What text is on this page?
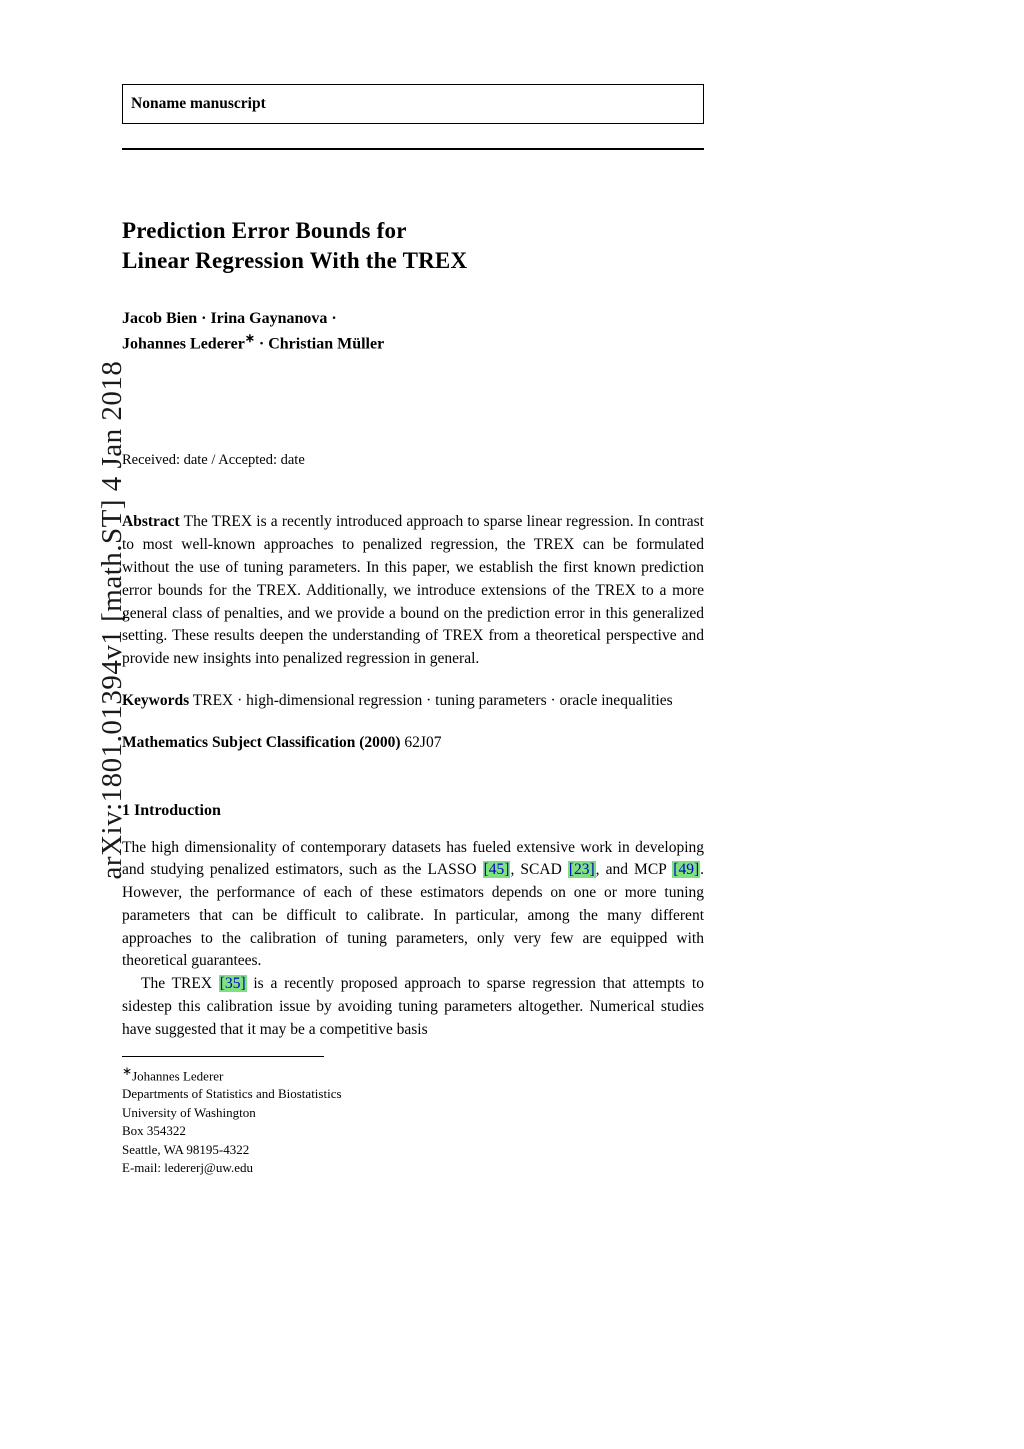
arXiv:1801.01394v1 [math.ST] 4 Jan 2018
Noname manuscript
Prediction Error Bounds for
Linear Regression With the TREX
Jacob Bien · Irina Gaynanova ·
Johannes Lederer∗ · Christian Müller
Received: date / Accepted: date
Abstract The TREX is a recently introduced approach to sparse linear regression. In contrast to most well-known approaches to penalized regression, the TREX can be formulated without the use of tuning parameters. In this paper, we establish the first known prediction error bounds for the TREX. Additionally, we introduce extensions of the TREX to a more general class of penalties, and we provide a bound on the prediction error in this generalized setting. These results deepen the understanding of TREX from a theoretical perspective and provide new insights into penalized regression in general.
Keywords TREX · high-dimensional regression · tuning parameters · oracle inequalities
Mathematics Subject Classification (2000) 62J07
1 Introduction
The high dimensionality of contemporary datasets has fueled extensive work in developing and studying penalized estimators, such as the LASSO [45], SCAD [23], and MCP [49]. However, the performance of each of these estimators depends on one or more tuning parameters that can be difficult to calibrate. In particular, among the many different approaches to the calibration of tuning parameters, only very few are equipped with theoretical guarantees.
The TREX [35] is a recently proposed approach to sparse regression that attempts to sidestep this calibration issue by avoiding tuning parameters altogether. Numerical studies have suggested that it may be a competitive basis
∗Johannes Lederer
Departments of Statistics and Biostatistics
University of Washington
Box 354322
Seattle, WA 98195-4322
E-mail: ledererj@uw.edu
